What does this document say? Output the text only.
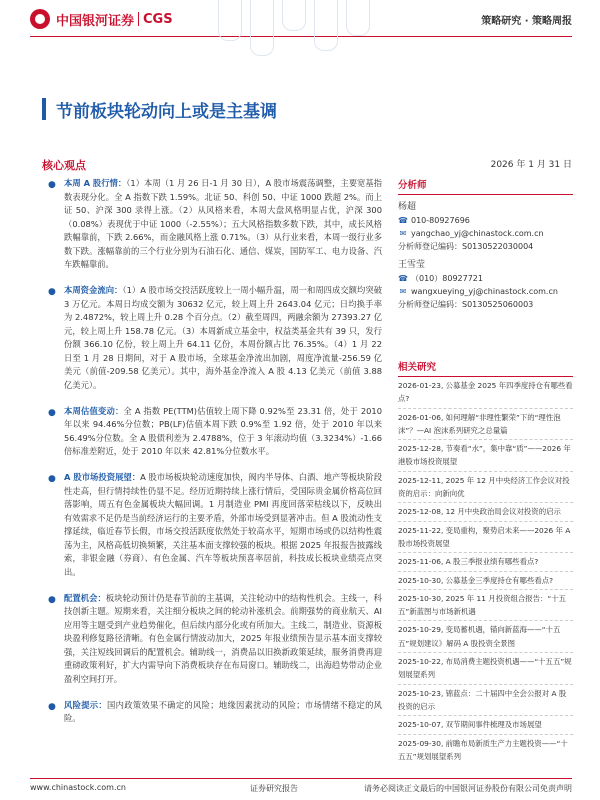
中国银河证券 CGS	策略研究 · 策略周报
节前板块轮动向上或是主基调
核心观点	2026 年 1 月 31 日
● 本周 A 股行情：（1）本周（1 月 26 日-1 月 30 日），A 股市场震荡调整，主要宽基指数表现分化。全 A 指数下跌 1.59%。北证 50、科创 50、中证 1000 跌超 2%。而上证 50、沪深 300 录得上涨。（2）从风格来看，本周大盘风格明显占优，沪深 300（0.08%）表现优于中证 1000（-2.55%）；五大风格指数多数下跌，其中，成长风格跌幅靠前，下跌 2.66%，而金融风格上涨 0.71%。（3）从行业来看，本周一级行业多数下跌。涨幅靠前的三个行业分别为石油石化、通信、煤炭，国防军工、电力设备、汽车跌幅靠前。
● 本周资金流向：（1）A 股市场交投活跃度较上一周小幅升温，周一和周四成交额均突破 3 万亿元。本周日均成交额为 30632 亿元，较上周上升 2643.04 亿元；日均换手率为 2.4872%，较上周上升 0.28 个百分点。（2）截至周四，两融余额为 27393.27 亿元，较上周上升 158.78 亿元。（3）本周新成立基金中，权益类基金共有 39 只，发行份额 366.10 亿份，较上周上升 64.11 亿份，本周份额占比 76.35%。（4）1 月 22 日至 1 月 28 日期间，对于 A 股市场，全球基金净流出加剧，周度净流量-256.59 亿美元（前值-209.58 亿美元）。其中，海外基金净流入 A 股 4.13 亿美元（前值 3.88 亿美元）。
● 本周估值变动：全 A 指数 PE(TTM)估值较上周下降 0.92%至 23.31 倍，处于 2010 年以来 94.46%分位数；PB(LF)估值本周下跌 0.9%至 1.92 倍，处于 2010 年以来 56.49%分位数。全 A 股债利差为 2.4788%，位于 3 年滚动均值（3.3234%）-1.66 倍标准差附近，处于 2010 年以来 42.81%分位数水平。
● A 股市场投资展望：A 股市场板块轮动速度加快，阀内半导体、白酒、地产等板块阶段性走高，但行情持续性仍显不足。经历近期持续上涨行情后，受国际贵金属价格高位回落影响，周五有色金属板块大幅回调。1 月制造业 PMI 再度回落荣枯线以下，反映出有效需求不足仍是当前经济运行的主要矛盾，外部市场受到显著冲击。但 A 股流动性支撑延续，临近春节长假，市场交投活跃度依然处于较高水平，短期市场或仍以结构性震荡为主，风格高低切换频繁，关注基本面支撑较强的板块。根据 2025 年报报告披露线索，非银金融（券商）、有色金属、汽车等板块预喜率居前，科技成长板块业绩亮点突出。
● 配置机会：板块轮动预计仍是春节前的主基调，关注轮动中的结构性机会。主线一，科技创新主题。短期来看，关注细分板块之间的轮动补涨机会。前期强势的商业航天、AI 应用等主题受到产业趋势催化，但后续内部分化或有所加大。主线二，制造业、资源板块盈利修复路径清晰。有色金属行情波动加大，2025 年报业绩预告显示基本面支撑较强，关注短线回调后的配置机会。辅助线一，消费品以旧换新政策延续，服务消费再迎重磅政策利好，扩大内需导向下消费板块存在布局窗口。辅助线二，出海趋势带动企业盈利空间打开。
● 风险提示：国内政策效果不确定的风险；地缘因素扰动的风险；市场情绪不稳定的风险。
分析师
杨超
☎ 010-80927696
✉ yangchao_yj@chinastock.com.cn
分析师登记编码：S0130522030004
王雪莹
☎ （010）80927721
✉ wangxueying_yj@chinastock.com.cn
分析师登记编码：S0130525060003
相关研究
2026-01-23, 公募基金 2025 年四季度持仓有哪些看点?
2026-01-06, 如何理解“非理性繁荣”下的“理性泡沫”？—AI 泡沫系列研究之总量篇
2025-12-28, 节奏看“水”，集中靠“质”——2026 年港股市场投资展望
2025-12-11, 2025 年 12 月中央经济工作会议对投资的启示：向新向优
2025-12-08, 12 月中央政治局会议对投资的启示
2025-11-22, 变局重构，聚势启未来——2026 年 A 股市场投资展望
2025-11-06, A 股三季报业绩有哪些看点?
2025-10-30, 公募基金三季度持仓有哪些看点?
2025-10-30, 2025 年 11 月投资组合报告：“十五五”新蓝图与市场新机遇
2025-10-29, 变局蓄机遇，锚向新蓝海——“十五五”规划建议》解码 A 股投资全景图
2025-10-22, 布局消费主题投资机遇——“十五五”规划展望系列
2025-10-23, 锦蓝点：二十届四中全会公报对 A 股投资的启示
2025-10-07, 双节期间事件梳理及市场展望
2025-09-30, 前瞻布局新质生产力主题投资——“十五五”规划展望系列
www.chinastock.com.cn	证券研究报告	请务必阅读正文最后的中国银河证券股份有限公司免责声明
